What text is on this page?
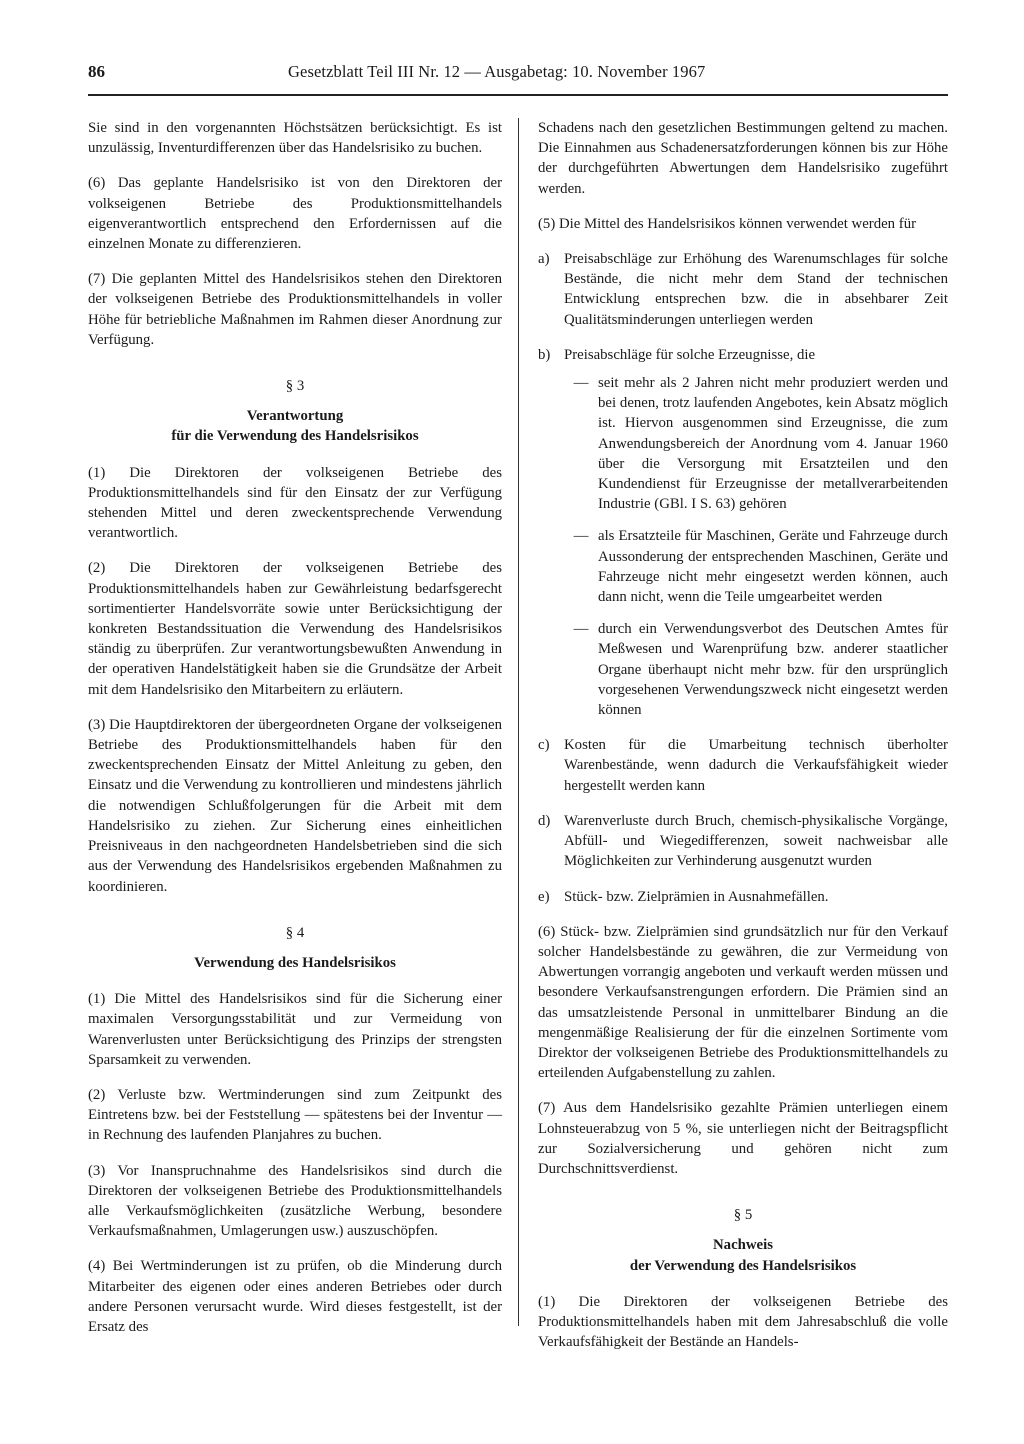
86	Gesetzblatt Teil III Nr. 12 — Ausgabetag: 10. November 1967

Sie sind in den vorgenannten Höchstsätzen berücksichtigt. Es ist unzulässig, Inventurdifferenzen über das Handelsrisiko zu buchen.

(6) Das geplante Handelsrisiko ist von den Direktoren der volkseigenen Betriebe des Produktionsmittelhandels eigenverantwortlich entsprechend den Erfordernissen auf die einzelnen Monate zu differenzieren.

(7) Die geplanten Mittel des Handelsrisikos stehen den Direktoren der volkseigenen Betriebe des Produktionsmittelhandels in voller Höhe für betriebliche Maßnahmen im Rahmen dieser Anordnung zur Verfügung.

§ 3
Verantwortung
für die Verwendung des Handelsrisikos

(1) Die Direktoren der volkseigenen Betriebe des Produktionsmittelhandels sind für den Einsatz der zur Verfügung stehenden Mittel und deren zweckentsprechende Verwendung verantwortlich.

(2) Die Direktoren der volkseigenen Betriebe des Produktionsmittelhandels haben zur Gewährleistung bedarfsgerecht sortimentierter Handelsvorräte sowie unter Berücksichtigung der konkreten Bestandssituation die Verwendung des Handelsrisikos ständig zu überprüfen. Zur verantwortungsbewußten Anwendung in der operativen Handelstätigkeit haben sie die Grundsätze der Arbeit mit dem Handelsrisiko den Mitarbeitern zu erläutern.

(3) Die Hauptdirektoren der übergeordneten Organe der volkseigenen Betriebe des Produktionsmittelhandels haben für den zweckentsprechenden Einsatz der Mittel Anleitung zu geben, den Einsatz und die Verwendung zu kontrollieren und mindestens jährlich die notwendigen Schlußfolgerungen für die Arbeit mit dem Handelsrisiko zu ziehen. Zur Sicherung eines einheitlichen Preisniveaus in den nachgeordneten Handelsbetrieben sind die sich aus der Verwendung des Handelsrisikos ergebenden Maßnahmen zu koordinieren.

§ 4
Verwendung des Handelsrisikos

(1) Die Mittel des Handelsrisikos sind für die Sicherung einer maximalen Versorgungsstabilität und zur Vermeidung von Warenverlusten unter Berücksichtigung des Prinzips der strengsten Sparsamkeit zu verwenden.

(2) Verluste bzw. Wertminderungen sind zum Zeitpunkt des Eintretens bzw. bei der Feststellung — spätestens bei der Inventur — in Rechnung des laufenden Planjahres zu buchen.

(3) Vor Inanspruchnahme des Handelsrisikos sind durch die Direktoren der volkseigenen Betriebe des Produktionsmittelhandels alle Verkaufsmöglichkeiten (zusätzliche Werbung, besondere Verkaufsmaßnahmen, Umlagerungen usw.) auszuschöpfen.

(4) Bei Wertminderungen ist zu prüfen, ob die Minderung durch Mitarbeiter des eigenen oder eines anderen Betriebes oder durch andere Personen verursacht wurde. Wird dieses festgestellt, ist der Ersatz des

Schadens nach den gesetzlichen Bestimmungen geltend zu machen. Die Einnahmen aus Schadenersatzforderungen können bis zur Höhe der durchgeführten Abwertungen dem Handelsrisiko zugeführt werden.

(5) Die Mittel des Handelsrisikos können verwendet werden für

a) Preisabschläge zur Erhöhung des Warenumschlages für solche Bestände, die nicht mehr dem Stand der technischen Entwicklung entsprechen bzw. die in absehbarer Zeit Qualitätsminderungen unterliegen werden
b) Preisabschläge für solche Erzeugnisse, die
— seit mehr als 2 Jahren nicht mehr produziert werden und bei denen, trotz laufenden Angebotes, kein Absatz möglich ist. Hiervon ausgenommen sind Erzeugnisse, die zum Anwendungsbereich der Anordnung vom 4. Januar 1960 über die Versorgung mit Ersatzteilen und den Kundendienst für Erzeugnisse der metallverarbeitenden Industrie (GBl. I S. 63) gehören
— als Ersatzteile für Maschinen, Geräte und Fahrzeuge durch Aussonderung der entsprechenden Maschinen, Geräte und Fahrzeuge nicht mehr eingesetzt werden können, auch dann nicht, wenn die Teile umgearbeitet werden
— durch ein Verwendungsverbot des Deutschen Amtes für Meßwesen und Warenprüfung bzw. anderer staatlicher Organe überhaupt nicht mehr bzw. für den ursprünglich vorgesehenen Verwendungszweck nicht eingesetzt werden können
c) Kosten für die Umarbeitung technisch überholter Warenbestände, wenn dadurch die Verkaufsfähigkeit wieder hergestellt werden kann
d) Warenverluste durch Bruch, chemisch-physikalische Vorgänge, Abfüll- und Wiegedifferenzen, soweit nachweisbar alle Möglichkeiten zur Verhinderung ausgenutzt wurden
e) Stück- bzw. Zielprämien in Ausnahmefällen.

(6) Stück- bzw. Zielprämien sind grundsätzlich nur für den Verkauf solcher Handelsbestände zu gewähren, die zur Vermeidung von Abwertungen vorrangig angeboten und verkauft werden müssen und besondere Verkaufsanstrengungen erfordern. Die Prämien sind an das umsatzleistende Personal in unmittelbarer Bindung an die mengenmäßige Realisierung der für die einzelnen Sortimente vom Direktor der volkseigenen Betriebe des Produktionsmittelhandels zu erteilenden Aufgabenstellung zu zahlen.

(7) Aus dem Handelsrisiko gezahlte Prämien unterliegen einem Lohnsteuerabzug von 5 %, sie unterliegen nicht der Beitragspflicht zur Sozialversicherung und gehören nicht zum Durchschnittsverdienst.

§ 5
Nachweis
der Verwendung des Handelsrisikos

(1) Die Direktoren der volkseigenen Betriebe des Produktionsmittelhandels haben mit dem Jahresabschluß die volle Verkaufsfähigkeit der Bestände an Handels-
